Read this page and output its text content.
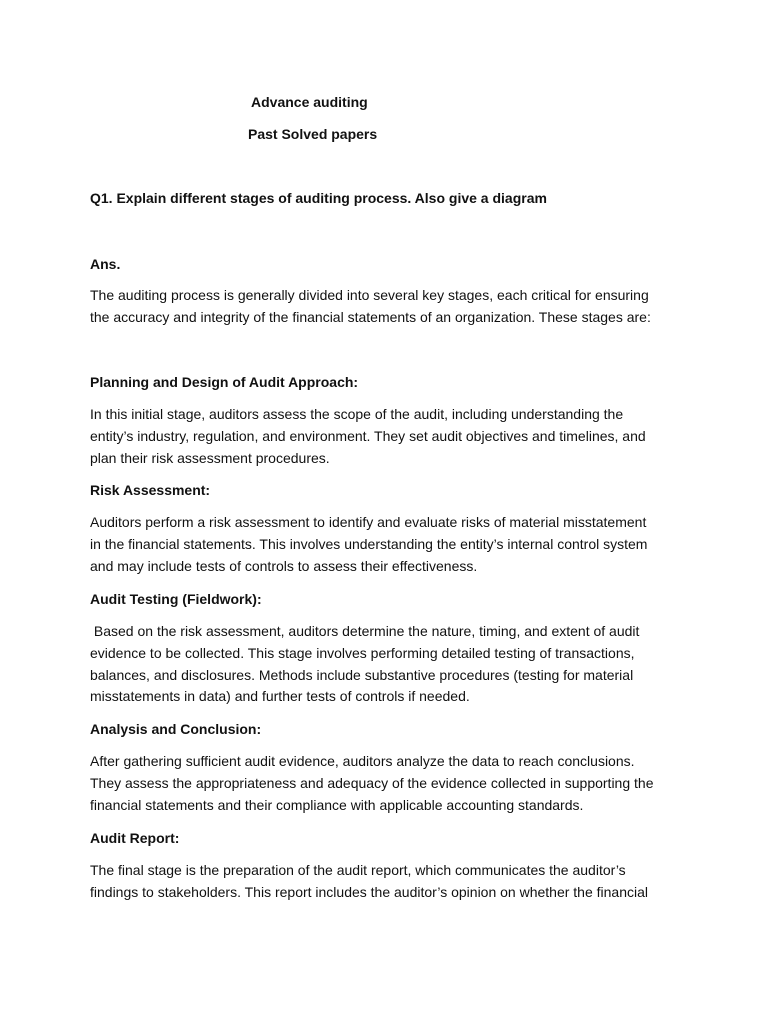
Advance auditing

Past Solved papers

Q1. Explain different stages of auditing process. Also give a diagram

Ans.

The auditing process is generally divided into several key stages, each critical for ensuring
the accuracy and integrity of the financial statements of an organization. These stages are:

Planning and Design of Audit Approach:

In this initial stage, auditors assess the scope of the audit, including understanding the
entity’s industry, regulation, and environment. They set audit objectives and timelines, and
plan their risk assessment procedures.

Risk Assessment:

Auditors perform a risk assessment to identify and evaluate risks of material misstatement
in the financial statements. This involves understanding the entity’s internal control system
and may include tests of controls to assess their effectiveness.

Audit Testing (Fieldwork):

Based on the risk assessment, auditors determine the nature, timing, and extent of audit
evidence to be collected. This stage involves performing detailed testing of transactions,
balances, and disclosures. Methods include substantive procedures (testing for material
misstatements in data) and further tests of controls if needed.

Analysis and Conclusion:

After gathering sufficient audit evidence, auditors analyze the data to reach conclusions.
They assess the appropriateness and adequacy of the evidence collected in supporting the
financial statements and their compliance with applicable accounting standards.

Audit Report:

The final stage is the preparation of the audit report, which communicates the auditor’s
findings to stakeholders. This report includes the auditor’s opinion on whether the financial
